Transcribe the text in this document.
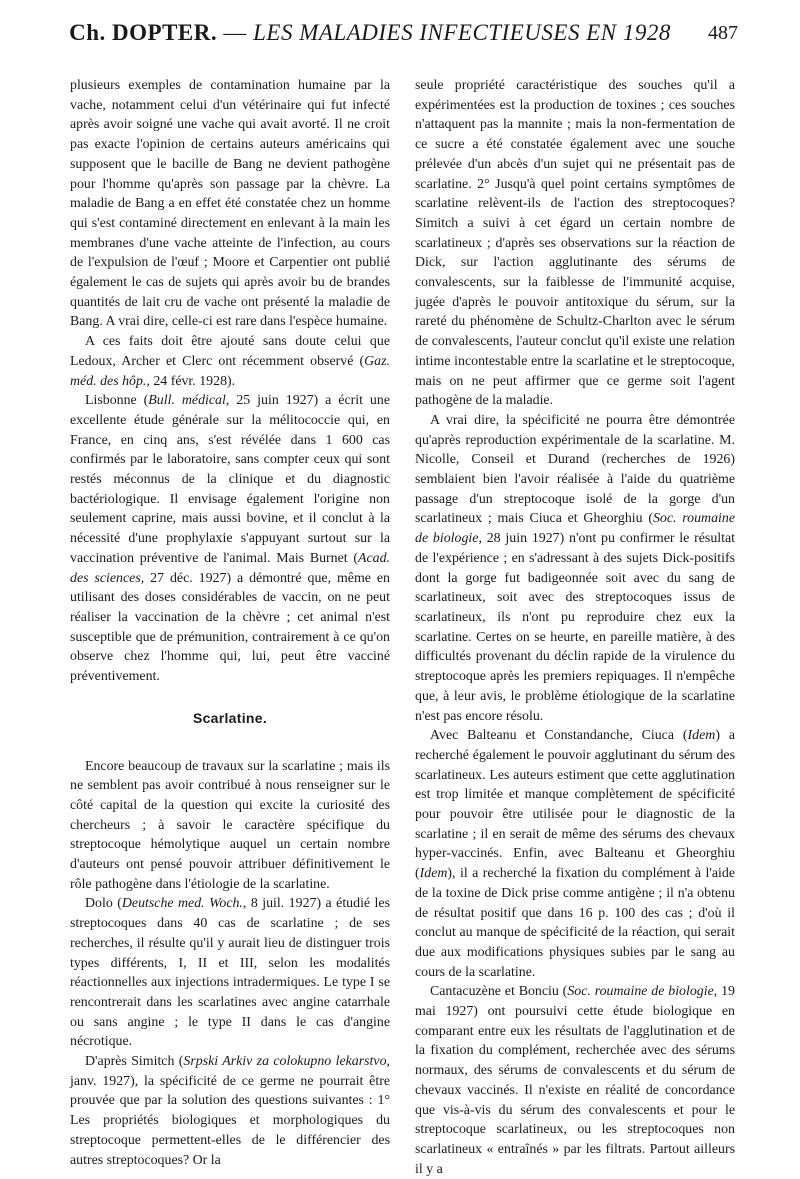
Ch. DOPTER. — LES MALADIES INFECTIEUSES EN 1928	487

plusieurs exemples de contamination humaine par la vache, notamment celui d'un vétérinaire qui fut infecté après avoir soigné une vache qui avait avorté. Il ne croit pas exacte l'opinion de certains auteurs américains qui supposent que le bacille de Bang ne devient pathogène pour l'homme qu'après son passage par la chèvre. La maladie de Bang a en effet été constatée chez un homme qui s'est contaminé directement en enlevant à la main les membranes d'une vache atteinte de l'infection, au cours de l'expulsion de l'œuf ; Moore et Carpentier ont publié également le cas de sujets qui après avoir bu de brandes quantités de lait cru de vache ont présenté la maladie de Bang. A vrai dire, celle-ci est rare dans l'espèce humaine.

A ces faits doit être ajouté sans doute celui que Ledoux, Archer et Clerc ont récemment observé (Gaz. méd. des hôp., 24 févr. 1928).

Lisbonne (Bull. médical, 25 juin 1927) a écrit une excellente étude générale sur la mélitococcie qui, en France, en cinq ans, s'est révélée dans 1 600 cas confirmés par le laboratoire, sans compter ceux qui sont restés méconnus de la clinique et du diagnostic bactériologique. Il envisage également l'origine non seulement caprine, mais aussi bovine, et il conclut à la nécessité d'une prophylaxie s'appuyant surtout sur la vaccination préventive de l'animal. Mais Burnet (Acad. des sciences, 27 déc. 1927) a démontré que, même en utilisant des doses considérables de vaccin, on ne peut réaliser la vaccination de la chèvre ; cet animal n'est susceptible que de prémunition, contrairement à ce qu'on observe chez l'homme qui, lui, peut être vacciné préventivement.

Scarlatine.

Encore beaucoup de travaux sur la scarlatine ; mais ils ne semblent pas avoir contribué à nous renseigner sur le côté capital de la question qui excite la curiosité des chercheurs ; à savoir le caractère spécifique du streptocoque hémolytique auquel un certain nombre d'auteurs ont pensé pouvoir attribuer définitivement le rôle pathogène dans l'étiologie de la scarlatine.

Dolo (Deutsche med. Woch., 8 juil. 1927) a étudié les streptocoques dans 40 cas de scarlatine ; de ses recherches, il résulte qu'il y aurait lieu de distinguer trois types différents, I, II et III, selon les modalités réactionnelles aux injections intradermiques. Le type I se rencontrerait dans les scarlatines avec angine catarrhale ou sans angine ; le type II dans le cas d'angine nécrotique.

D'après Simitch (Srpski Arkiv za colokupno lekarstvo, janv. 1927), la spécificité de ce germe ne pourrait être prouvée que par la solution des questions suivantes : 1° Les propriétés biologiques et morphologiques du streptocoque permettent-elles de le différencier des autres streptocoques? Or la

seule propriété caractéristique des souches qu'il a expérimentées est la production de toxines ; ces souches n'attaquent pas la mannite ; mais la non-fermentation de ce sucre a été constatée également avec une souche prélevée d'un abcès d'un sujet qui ne présentait pas de scarlatine. 2° Jusqu'à quel point certains symptômes de scarlatine relèvent-ils de l'action des streptocoques? Simitch a suivi à cet égard un certain nombre de scarlatineux ; d'après ses observations sur la réaction de Dick, sur l'action agglutinante des sérums de convalescents, sur la faiblesse de l'immunité acquise, jugée d'après le pouvoir antitoxique du sérum, sur la rareté du phénomène de Schultz-Charlton avec le sérum de convalescents, l'auteur conclut qu'il existe une relation intime incontestable entre la scarlatine et le streptocoque, mais on ne peut affirmer que ce germe soit l'agent pathogène de la maladie.

A vrai dire, la spécificité ne pourra être démontrée qu'après reproduction expérimentale de la scarlatine. M. Nicolle, Conseil et Durand (recherches de 1926) semblaient bien l'avoir réalisée à l'aide du quatrième passage d'un streptocoque isolé de la gorge d'un scarlatineux ; mais Ciuca et Gheorghiu (Soc. roumaine de biologie, 28 juin 1927) n'ont pu confirmer le résultat de l'expérience ; en s'adressant à des sujets Dick-positifs dont la gorge fut badigeonnée soit avec du sang de scarlatineux, soit avec des streptocoques issus de scarlatineux, ils n'ont pu reproduire chez eux la scarlatine. Certes on se heurte, en pareille matière, à des difficultés provenant du déclin rapide de la virulence du streptocoque après les premiers repiquages. Il n'empêche que, à leur avis, le problème étiologique de la scarlatine n'est pas encore résolu.

Avec Balteanu et Constandanche, Ciuca (Idem) a recherché également le pouvoir agglutinant du sérum des scarlatineux. Les auteurs estiment que cette agglutination est trop limitée et manque complètement de spécificité pour pouvoir être utilisée pour le diagnostic de la scarlatine ; il en serait de même des sérums des chevaux hyper-vaccinés. Enfin, avec Balteanu et Gheorghiu (Idem), il a recherché la fixation du complément à l'aide de la toxine de Dick prise comme antigène ; il n'a obtenu de résultat positif que dans 16 p. 100 des cas ; d'où il conclut au manque de spécificité de la réaction, qui serait due aux modifications physiques subies par le sang au cours de la scarlatine.

Cantacuzène et Bonciu (Soc. roumaine de biologie, 19 mai 1927) ont poursuivi cette étude biologique en comparant entre eux les résultats de l'agglutination et de la fixation du complément, recherchée avec des sérums normaux, des sérums de convalescents et du sérum de chevaux vaccinés. Il n'existe en réalité de concordance que vis-à-vis du sérum des convalescents et pour le streptocoque scarlatineux, ou les streptocoques non scarlatineux « entraînés » par les filtrats. Partout ailleurs il y a
